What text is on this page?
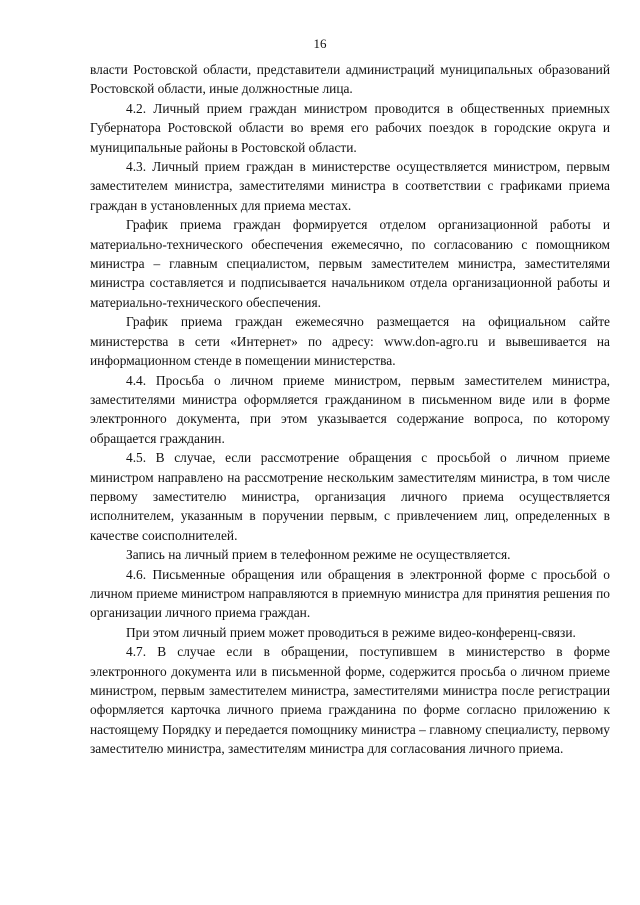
16

власти Ростовской области, представители администраций муниципальных образований Ростовской области, иные должностные лица.

4.2. Личный прием граждан министром проводится в общественных приемных Губернатора Ростовской области во время его рабочих поездок в городские округа и муниципальные районы в Ростовской области.

4.3. Личный прием граждан в министерстве осуществляется министром, первым заместителем министра, заместителями министра в соответствии с графиками приема граждан в установленных для приема местах.

График приема граждан формируется отделом организационной работы и материально-технического обеспечения ежемесячно, по согласованию с помощником министра – главным специалистом, первым заместителем министра, заместителями министра составляется и подписывается начальником отдела организационной работы и материально-технического обеспечения.

График приема граждан ежемесячно размещается на официальном сайте министерства в сети «Интернет» по адресу: www.don-agro.ru и вывешивается на информационном стенде в помещении министерства.

4.4. Просьба о личном приеме министром, первым заместителем министра, заместителями министра оформляется гражданином в письменном виде или в форме электронного документа, при этом указывается содержание вопроса, по которому обращается гражданин.

4.5. В случае, если рассмотрение обращения с просьбой о личном приеме министром направлено на рассмотрение нескольким заместителям министра, в том числе первому заместителю министра, организация личного приема осуществляется исполнителем, указанным в поручении первым, с привлечением лиц, определенных в качестве соисполнителей.

Запись на личный прием в телефонном режиме не осуществляется.

4.6. Письменные обращения или обращения в электронной форме с просьбой о личном приеме министром направляются в приемную министра для принятия решения по организации личного приема граждан.

При этом личный прием может проводиться в режиме видео-конференц-связи.

4.7. В случае если в обращении, поступившем в министерство в форме электронного документа или в письменной форме, содержится просьба о личном приеме министром, первым заместителем министра, заместителями министра после регистрации оформляется карточка личного приема гражданина по форме согласно приложению к настоящему Порядку и передается помощнику министра – главному специалисту, первому заместителю министра, заместителям министра для согласования личного приема.
